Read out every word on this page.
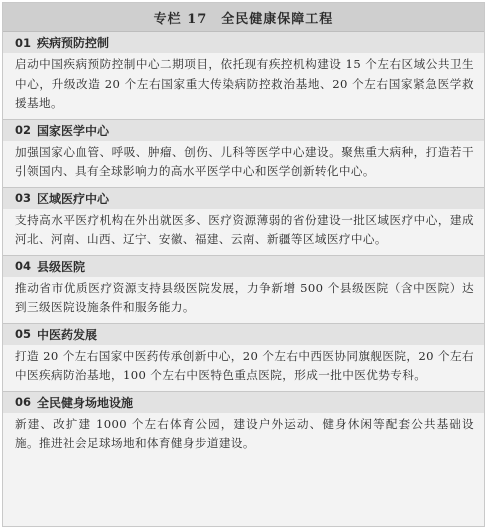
专栏 17 全民健康保障工程
01 疾病预防控制
启动中国疾病预防控制中心二期项目，依托现有疾控机构建设 15 个左右区域公共卫生中心，升级改造 20 个左右国家重大传染病防控救治基地、20 个左右国家紧急医学救援基地。
02 国家医学中心
加强国家心血管、呼吸、肿瘤、创伤、儿科等医学中心建设。聚焦重大病种，打造若干引领国内、具有全球影响力的高水平医学中心和医学创新转化中心。
03 区域医疗中心
支持高水平医疗机构在外出就医多、医疗资源薄弱的省份建设一批区域医疗中心，建成河北、河南、山西、辽宁、安徽、福建、云南、新疆等区域医疗中心。
04 县级医院
推动省市优质医疗资源支持县级医院发展，力争新增 500 个县级医院（含中医院）达到三级医院设施条件和服务能力。
05 中医药发展
打造 20 个左右国家中医药传承创新中心，20 个左右中西医协同旗舰医院，20 个左右中医疾病防治基地，100 个左右中医特色重点医院，形成一批中医优势专科。
06 全民健身场地设施
新建、改扩建 1000 个左右体育公园，建设户外运动、健身休闲等配套公共基础设施。推进社会足球场地和体育健身步道建设。
